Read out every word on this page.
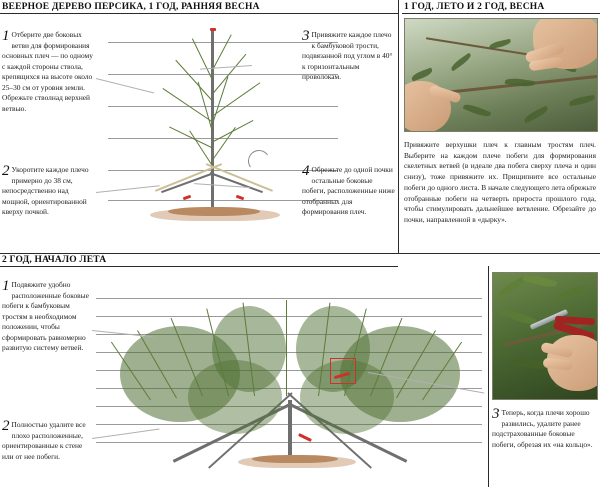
ВЕЕРНОЕ ДЕРЕВО ПЕРСИКА, 1 ГОД, РАННЯЯ ВЕСНА	1 ГОД, ЛЕТО И 2 ГОД, ВЕСНА
2 ГОД, НАЧАЛО ЛЕТА
1 Отберите две боковых ветви для формирования основных плеч — по одному с каждой стороны ствола, крепящихся на высоте около 25–30 см от уровня земли. Обрежьте стволнад верхней ветвью.
2 Укоротите каждое плечо примерно до 38 см, непосредственно над мощной, ориентированной кверху почкой.
3 Привяжите каждое плечо к бамбуковой трости, подвязанной под углом в 40° к горизонтальным проволокам.
4 Обрежьте до одной почки остальные боковые побеги, расположенные ниже отобранных для формирования плеч.
Привяжите верхушки плеч к главным тростям плеч. Выберите на каждом плече побеги для формирования скелетных ветвей (в идеале два побега сверху плеча и один снизу), тоже привяжите их. Прищипните все остальные побеги до одного листа. В начале следующего лета обрежьте отобранные побеги на четверть прироста прошлого года, чтобы стимулировать дальнейшее ветвление. Обрезайте до почки, направленной в «дырку».
1 Подвяжите удобно расположенные боковые побеги к бамбуковым тростям в необходимом положении, чтобы сформировать равномерно развитую систему ветвей.
2 Полностью удалите все плохо расположенные, ориентированные к стене или от нее побеги.
3 Теперь, когда плечи хорошо развились, удалите ранее подстрахованные боковые побеги, обрезая их «на кольцо».
